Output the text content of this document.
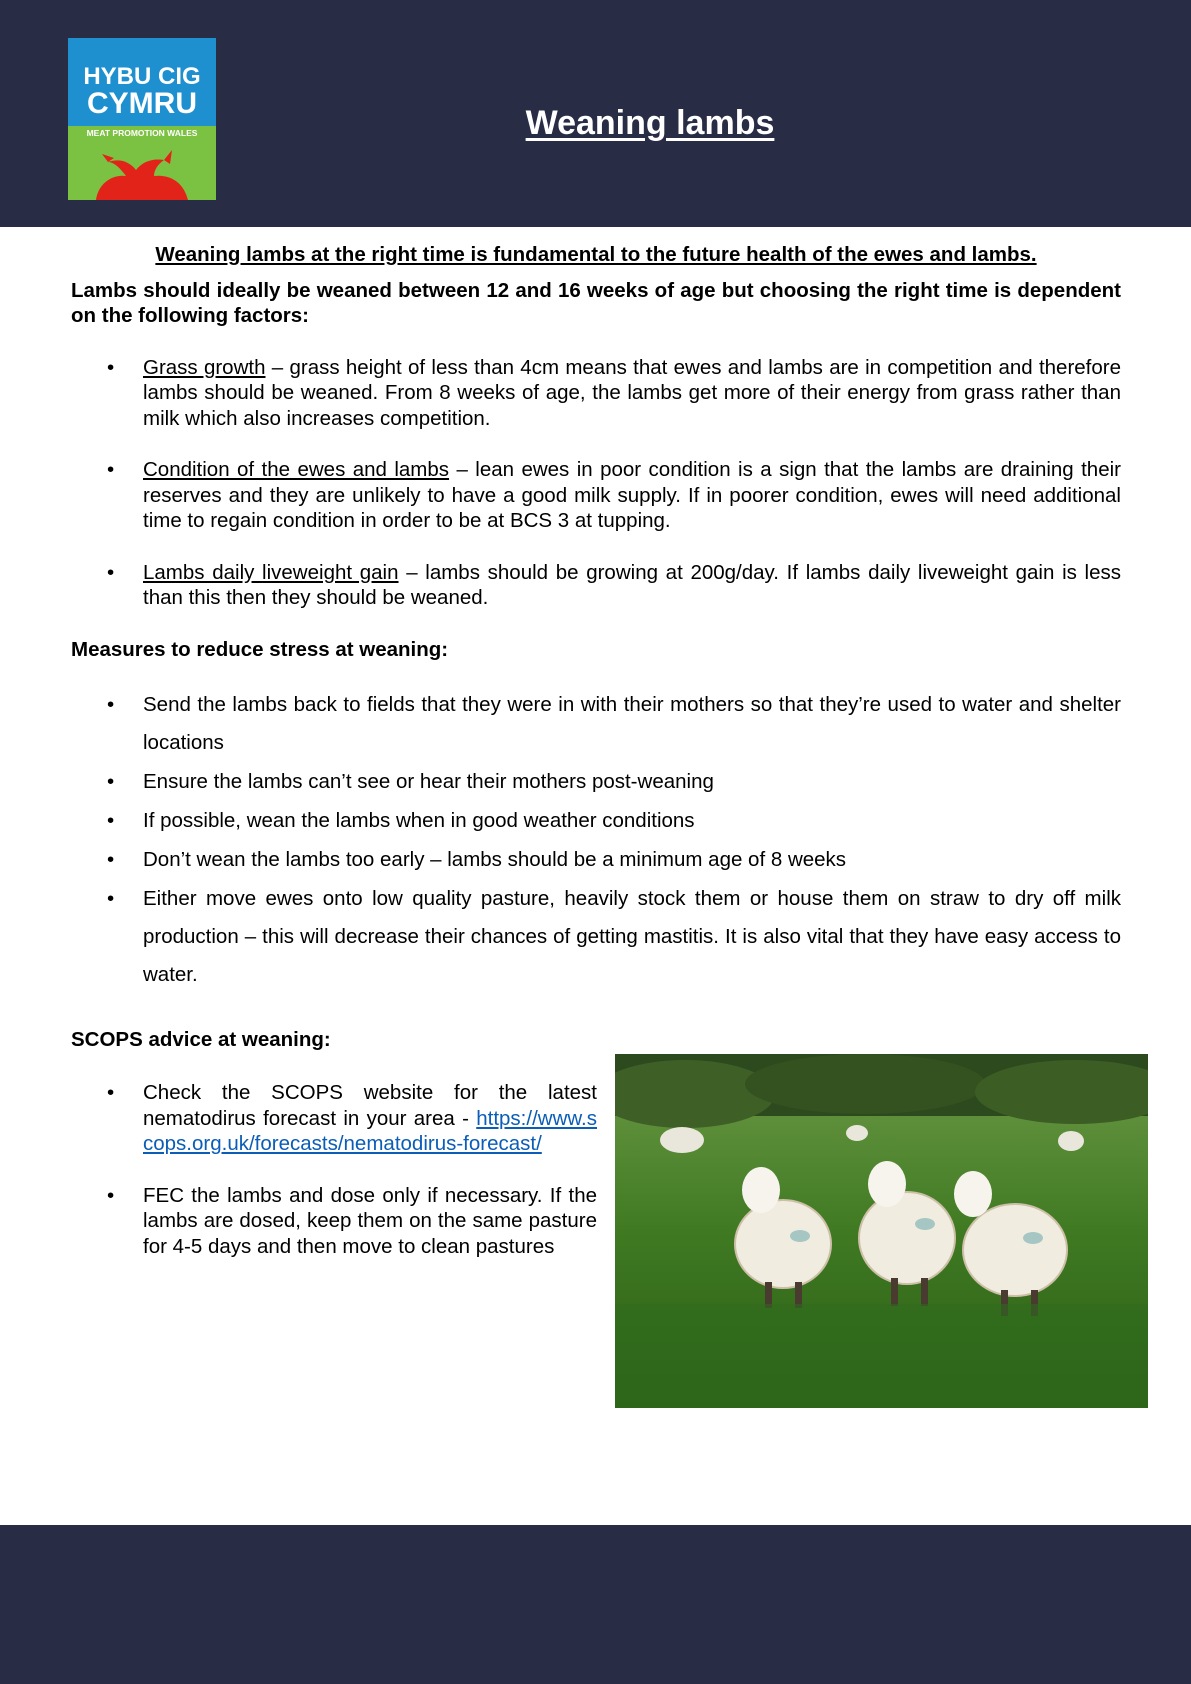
HYBU CIG
CYMRU
MEAT PROMOTION WALES	Weaning lambs

Weaning lambs at the right time is fundamental to the future health of the ewes and lambs.

Lambs should ideally be weaned between 12 and 16 weeks of age but choosing the right time is dependent on the following factors:

• Grass growth – grass height of less than 4cm means that ewes and lambs are in competition and therefore lambs should be weaned. From 8 weeks of age, the lambs get more of their energy from grass rather than milk which also increases competition.
• Condition of the ewes and lambs – lean ewes in poor condition is a sign that the lambs are draining their reserves and they are unlikely to have a good milk supply. If in poorer condition, ewes will need additional time to regain condition in order to be at BCS 3 at tupping.
• Lambs daily liveweight gain – lambs should be growing at 200g/day. If lambs daily liveweight gain is less than this then they should be weaned.

Measures to reduce stress at weaning:

• Send the lambs back to fields that they were in with their mothers so that they’re used to water and shelter locations
• Ensure the lambs can’t see or hear their mothers post-weaning
• If possible, wean the lambs when in good weather conditions
• Don’t wean the lambs too early – lambs should be a minimum age of 8 weeks
• Either move ewes onto low quality pasture, heavily stock them or house them on straw to dry off milk production – this will decrease their chances of getting mastitis. It is also vital that they have easy access to water.
SCOPS advice at weaning:
• Check the SCOPS website for the latest nematodirus forecast in your area - https://www.scops.org.uk/forecasts/nematodirus-forecast/
• FEC the lambs and dose only if necessary. If the lambs are dosed, keep them on the same pasture for 4-5 days and then move to clean pastures
